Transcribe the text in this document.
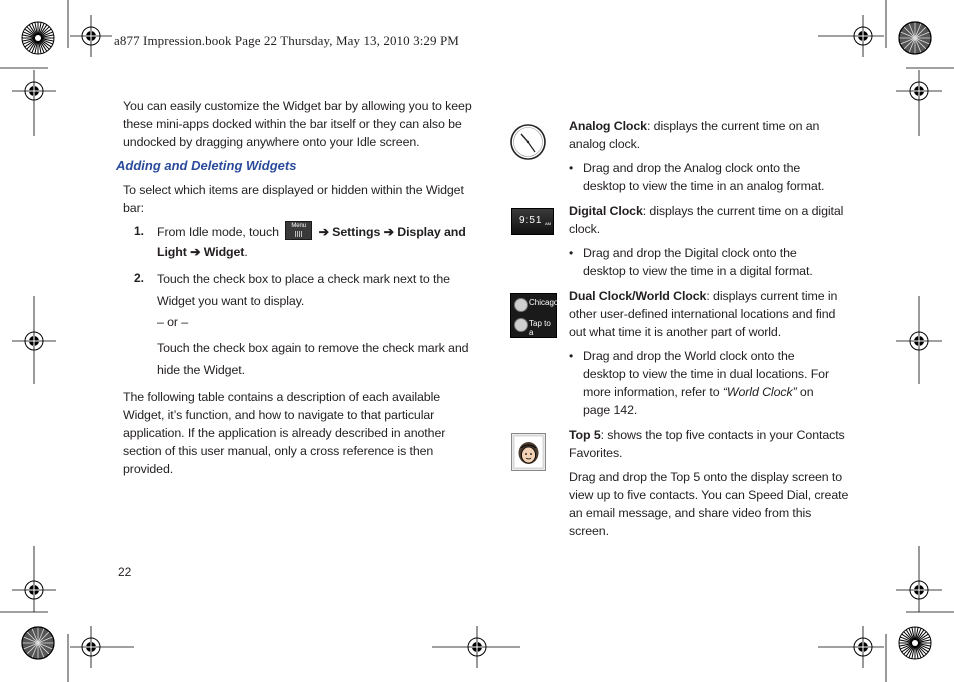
a877 Impression.book Page 22 Thursday, May 13, 2010 3:29 PM
You can easily customize the Widget bar by allowing you to keep
these mini-apps docked within the bar itself or they can also be
undocked by dragging anywhere onto your Idle screen.
Adding and Deleting Widgets
To select which items are displayed or hidden within the Widget
bar:
1. From Idle mode, touch	Menu	➔ Settings ➔ Display and
Light ➔ Widget.
2. Touch the check box to place a check mark next to the
Widget you want to display.
– or –
Touch the check box again to remove the check mark and
hide the Widget.
The following table contains a description of each available
Widget, it’s function, and how to navigate to that particular
application. If the application is already described in another
section of this user manual, only a cross reference is then
provided.
Analog Clock: displays the current time on an
analog clock.
• Drag and drop the Analog clock onto the
desktop to view the time in an analog format.
9:51 AM
Digital Clock: displays the current time on a digital
clock.
• Drag and drop the Digital clock onto the
desktop to view the time in a digital format.
Chicago
Tap to a
Dual Clock/World Clock: displays current time in
other user-defined international locations and find
out what time it is another part of world.
• Drag and drop the World clock onto the
desktop to view the time in dual locations. For
more information, refer to “World Clock” on
page 142.
Top 5: shows the top five contacts in your Contacts
Favorites.
Drag and drop the Top 5 onto the display screen to
view up to five contacts. You can Speed Dial, create
an email message, and share video from this
screen.
22
